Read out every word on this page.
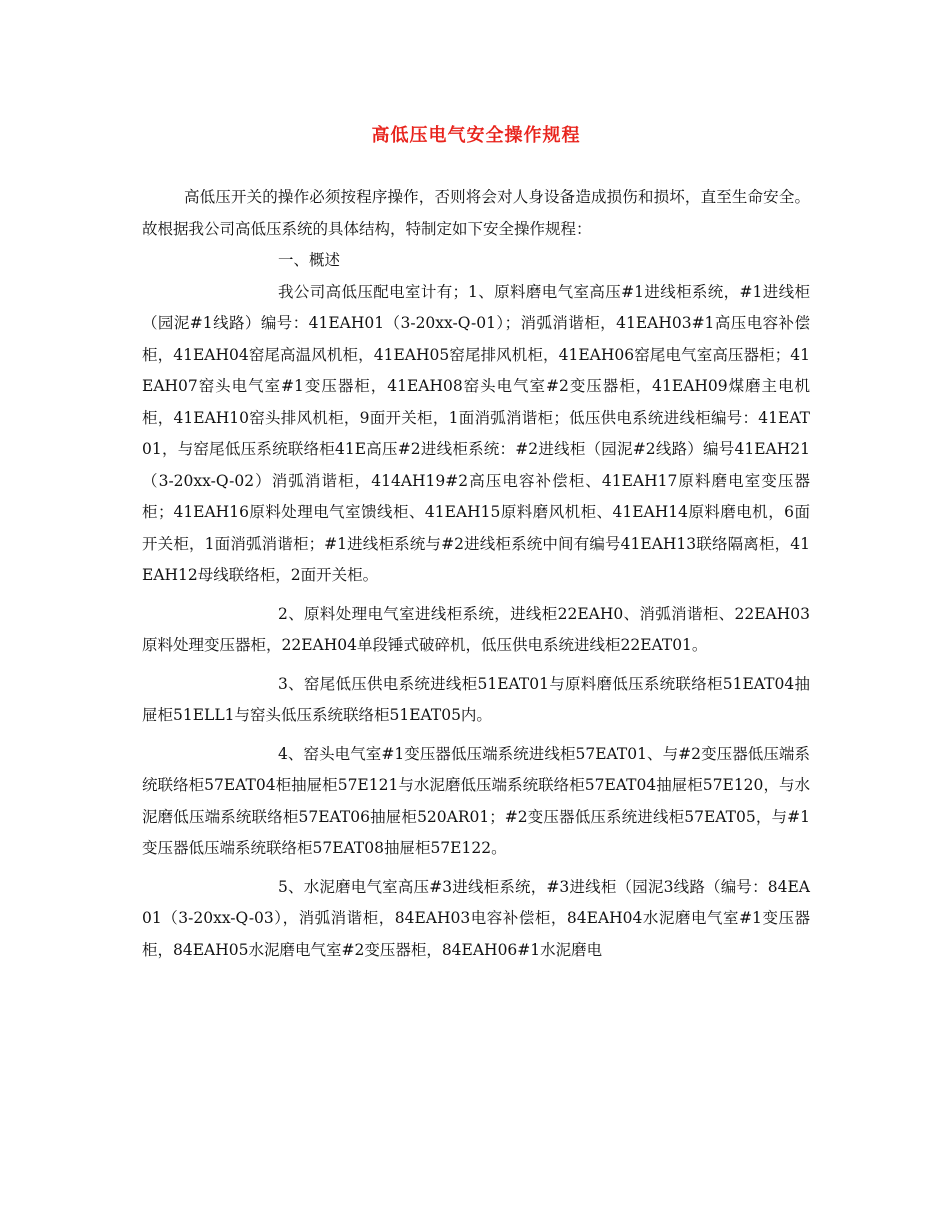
高低压电气安全操作规程

高低压开关的操作必须按程序操作，否则将会对人身设备造成损伤和损坏，直至生命安全。故根据我公司高低压系统的具体结构，特制定如下安全操作规程：

一、概述

我公司高低压配电室计有；1、原料磨电气室高压#1进线柜系统，#1进线柜（园泥#1线路）编号：41EAH01（3-20xx-Q-01）；消弧消谐柜，41EAH03#1高压电容补偿柜，41EAH04窑尾高温风机柜，41EAH05窑尾排风机柜，41EAH06窑尾电气室高压器柜；41EAH07窑头电气室#1变压器柜，41EAH08窑头电气室#2变压器柜，41EAH09煤磨主电机柜，41EAH10窑头排风机柜，9面开关柜，1面消弧消谐柜；低压供电系统进线柜编号：41EAT01，与窑尾低压系统联络柜41E高压#2进线柜系统：#2进线柜（园泥#2线路）编号41EAH21（3-20xx-Q-02）消弧消谐柜，414AH19#2高压电容补偿柜、41EAH17原料磨电室变压器柜；41EAH16原料处理电气室馈线柜、41EAH15原料磨风机柜、41EAH14原料磨电机，6面开关柜，1面消弧消谐柜；#1进线柜系统与#2进线柜系统中间有编号41EAH13联络隔离柜，41EAH12母线联络柜，2面开关柜。

2、原料处理电气室进线柜系统，进线柜22EAH0、消弧消谐柜、22EAH03原料处理变压器柜，22EAH04单段锤式破碎机，低压供电系统进线柜22EAT01。

3、窑尾低压供电系统进线柜51EAT01与原料磨低压系统联络柜51EAT04抽屉柜51ELL1与窑头低压系统联络柜51EAT05内。

4、窑头电气室#1变压器低压端系统进线柜57EAT01、与#2变压器低压端系统联络柜57EAT04柜抽屉柜57E121与水泥磨低压端系统联络柜57EAT04抽屉柜57E120，与水泥磨低压端系统联络柜57EAT06抽屉柜520AR01；#2变压器低压系统进线柜57EAT05，与#1变压器低压端系统联络柜57EAT08抽屉柜57E122。

5、水泥磨电气室高压#3进线柜系统，#3进线柜（园泥3线路（编号：84EA01（3-20xx-Q-03），消弧消谐柜，84EAH03电容补偿柜，84EAH04水泥磨电气室#1变压器柜，84EAH05水泥磨电气室#2变压器柜，84EAH06#1水泥磨电
